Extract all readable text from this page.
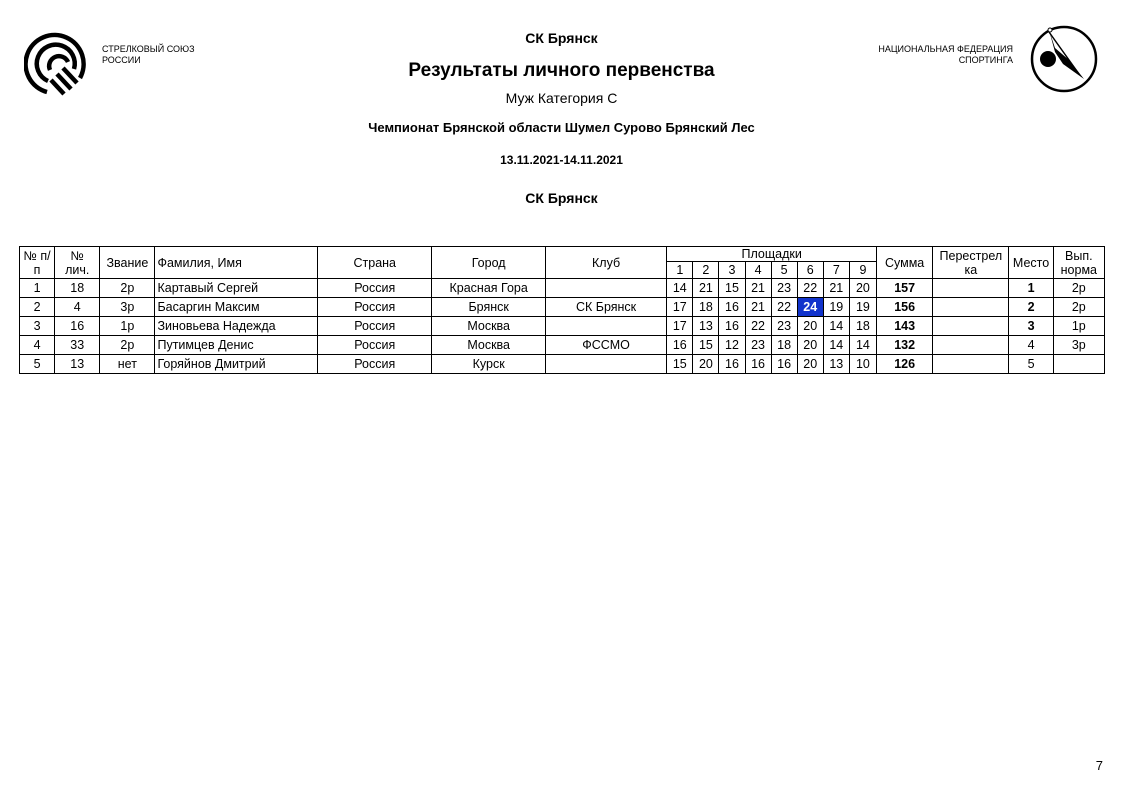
СТРЕЛКОВЫЙ СОЮЗ
РОССИИ
НАЦИОНАЛЬНАЯ ФЕДЕРАЦИЯ
СПОРТИНГА
СК Брянск
Результаты личного первенства
Муж Категория C
Чемпионат Брянской области Шумел Сурово Брянский Лес
13.11.2021-14.11.2021
СК Брянск
№ п/п	№ лич.	Звание	Фамилия, Имя	Страна	Город	Клуб	Площадки								Сумма	Перестрел ка	Место	Вып. норма
							1	2	3	4	5	6	7	9				
1	18	2р	Картавый Сергей	Россия	Красная Гора		14	21	15	21	23	22	21	20	157		1	2р
2	4	3р	Басаргин Максим	Россия	Брянск	СК Брянск	17	18	16	21	22	24	19	19	156		2	2р
3	16	1р	Зиновьева Надежда	Россия	Москва		17	13	16	22	23	20	14	18	143		3	1р
4	33	2р	Путимцев Денис	Россия	Москва	ФССМО	16	15	12	23	18	20	14	14	132		4	3р
5	13	нет	Горяйнов Дмитрий	Россия	Курск		15	20	16	16	16	20	13	10	126		5	
7
